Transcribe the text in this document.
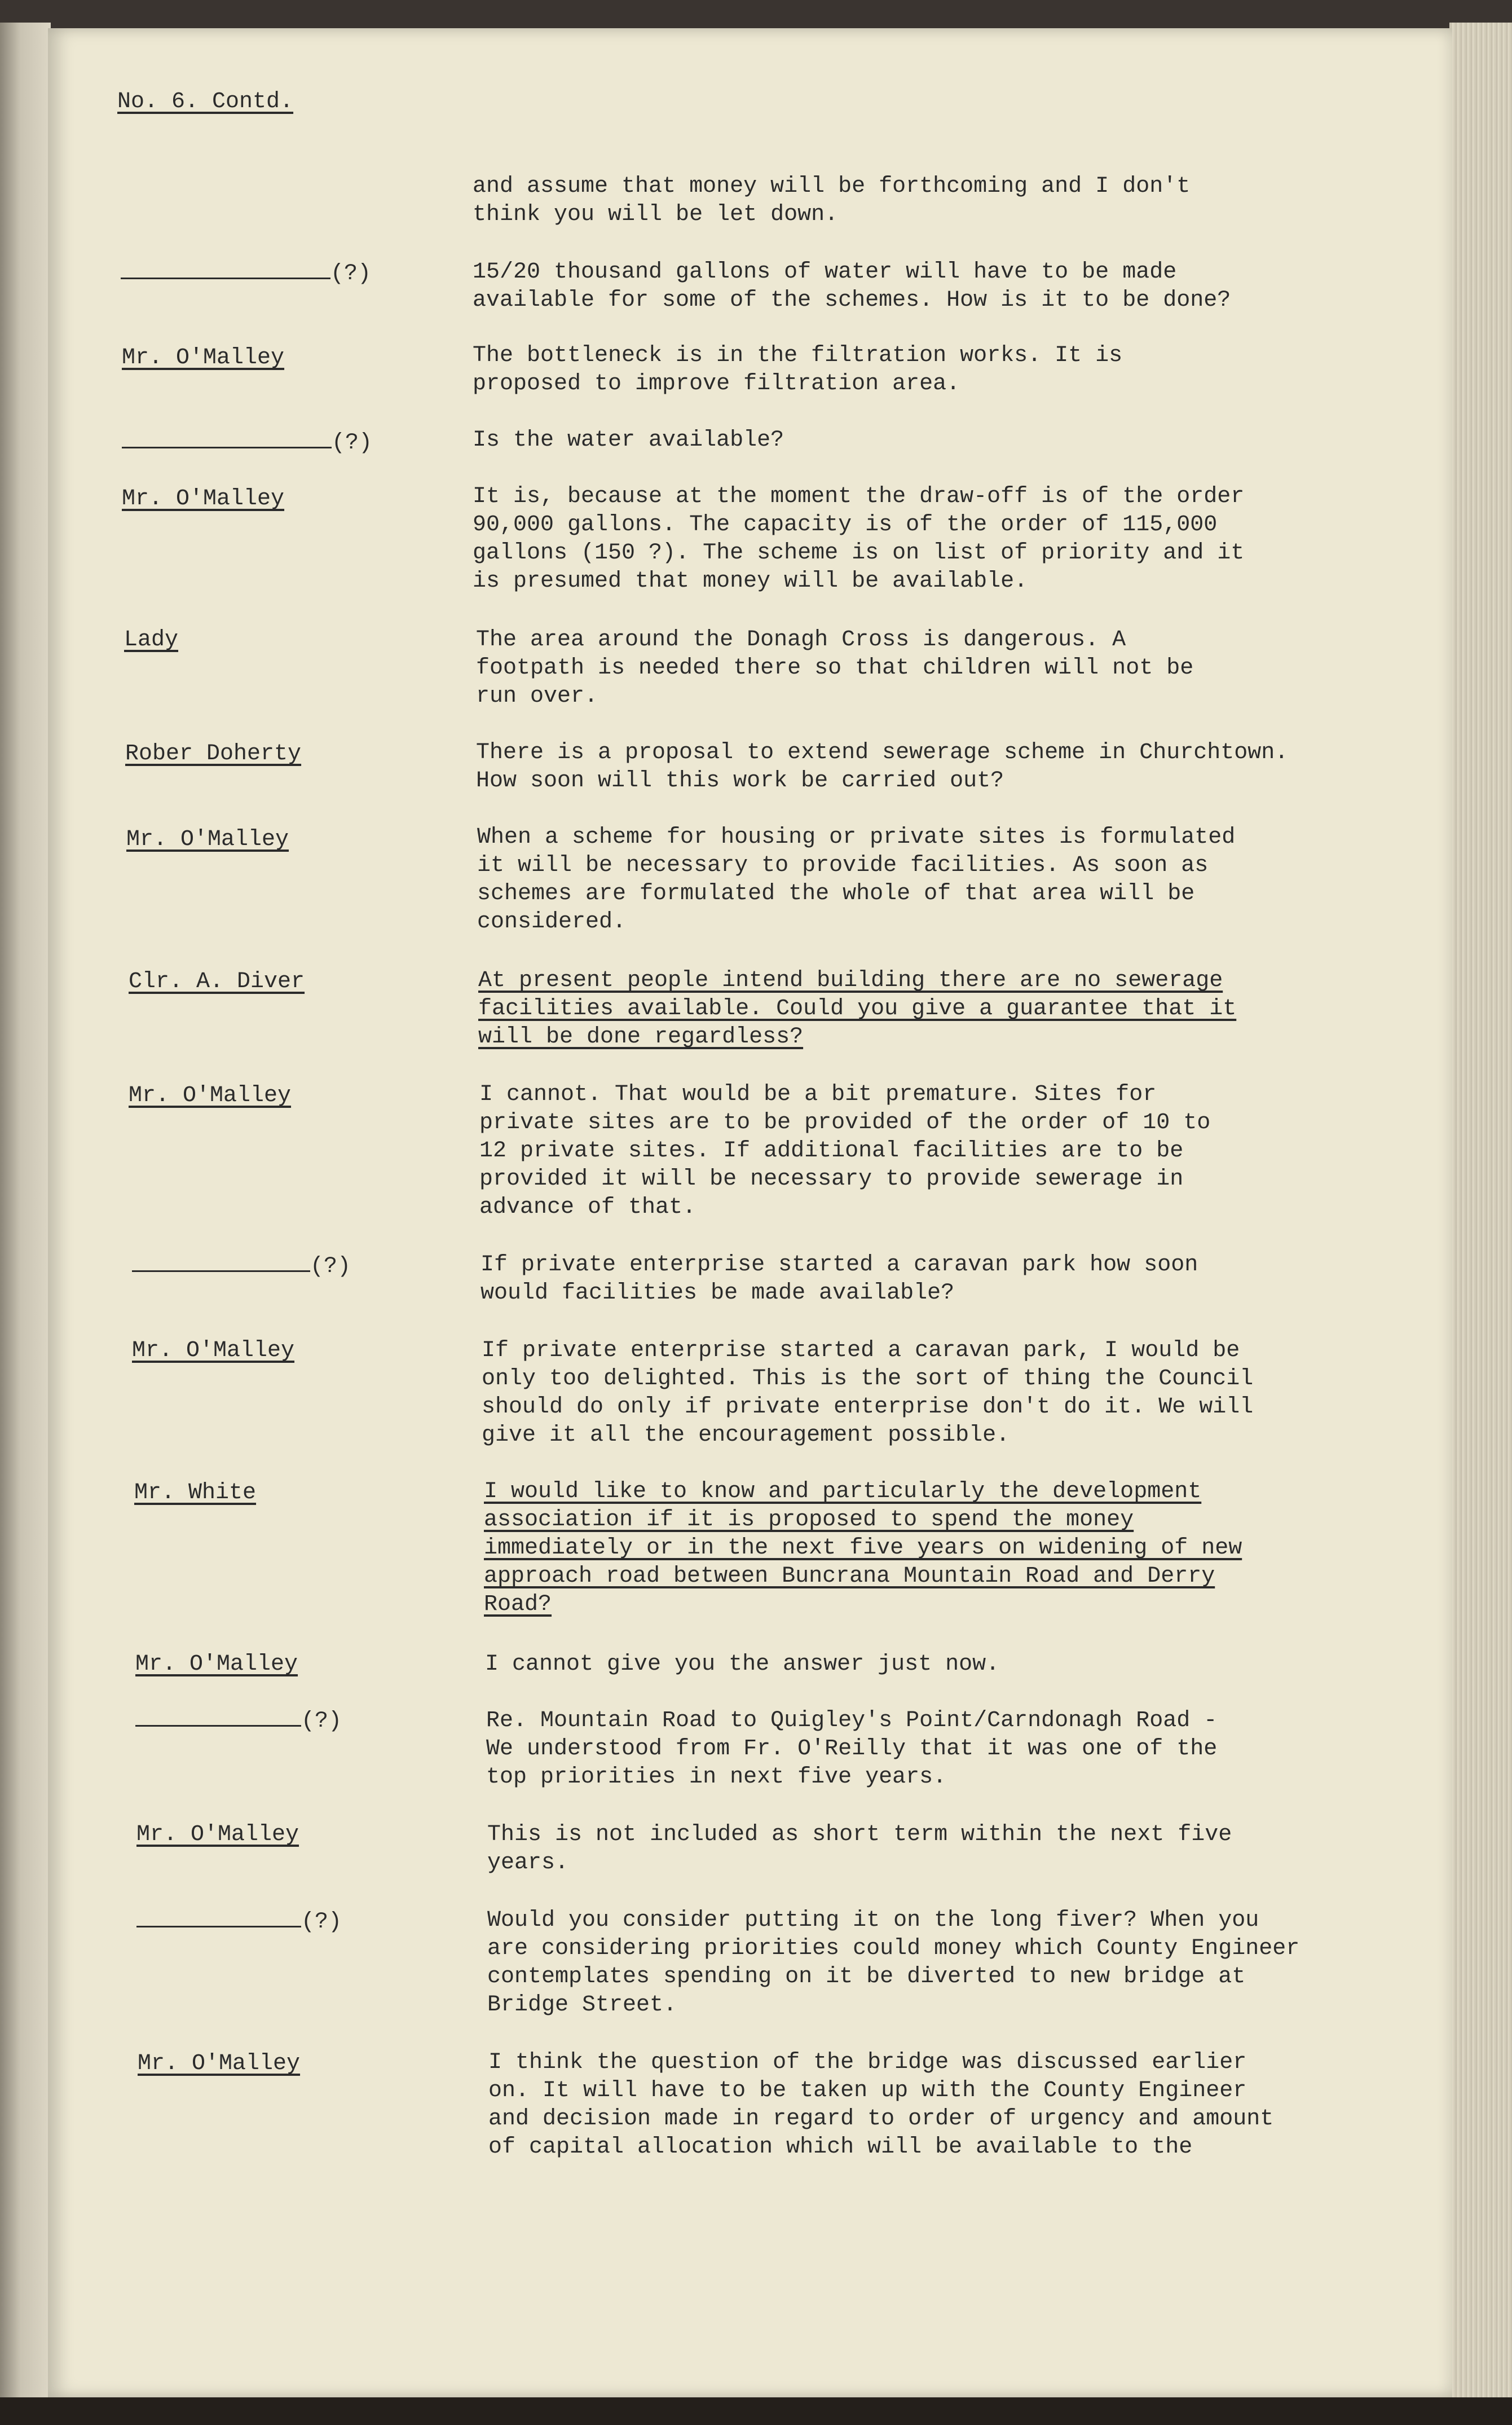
No. 6. Contd.
and assume that money will be forthcoming and I don't
think you will be let down.
(?)	15/20 thousand gallons of water will have to be made
available for some of the schemes. How is it to be done?
Mr. O'Malley	The bottleneck is in the filtration works. It is
proposed to improve filtration area.
(?)	Is the water available?
Mr. O'Malley	It is, because at the moment the draw-off is of the order
90,000 gallons. The capacity is of the order of 115,000
gallons (150 ?). The scheme is on list of priority and it
is presumed that money will be available.
Lady	The area around the Donagh Cross is dangerous. A
footpath is needed there so that children will not be
run over.
Rober Doherty	There is a proposal to extend sewerage scheme in Churchtown.
How soon will this work be carried out?
Mr. O'Malley	When a scheme for housing or private sites is formulated
it will be necessary to provide facilities. As soon as
schemes are formulated the whole of that area will be
considered.
Clr. A. Diver	At present people intend building there are no sewerage
facilities available. Could you give a guarantee that it
will be done regardless?
Mr. O'Malley	I cannot. That would be a bit premature. Sites for
private sites are to be provided of the order of 10 to
12 private sites. If additional facilities are to be
provided it will be necessary to provide sewerage in
advance of that.
(?)	If private enterprise started a caravan park how soon
would facilities be made available?
Mr. O'Malley	If private enterprise started a caravan park, I would be
only too delighted. This is the sort of thing the Council
should do only if private enterprise don't do it. We will
give it all the encouragement possible.
Mr. White	I would like to know and particularly the development
association if it is proposed to spend the money
immediately or in the next five years on widening of new
approach road between Buncrana Mountain Road and Derry
Road?
Mr. O'Malley	I cannot give you the answer just now.
(?)	Re. Mountain Road to Quigley's Point/Carndonagh Road -
We understood from Fr. O'Reilly that it was one of the
top priorities in next five years.
Mr. O'Malley	This is not included as short term within the next five
years.
(?)	Would you consider putting it on the long fiver? When you
are considering priorities could money which County Engineer
contemplates spending on it be diverted to new bridge at
Bridge Street.
Mr. O'Malley	I think the question of the bridge was discussed earlier
on. It will have to be taken up with the County Engineer
and decision made in regard to order of urgency and amount
of capital allocation which will be available to the
